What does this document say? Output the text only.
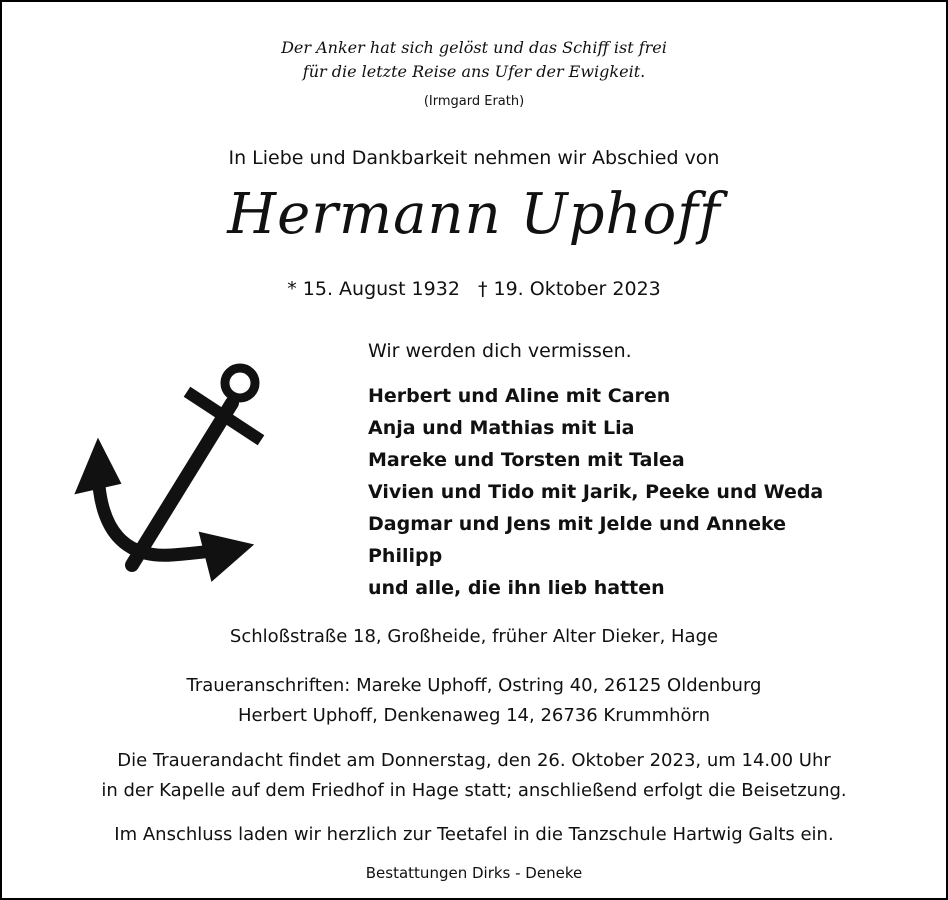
Der Anker hat sich gelöst und das Schiff ist frei
für die letzte Reise ans Ufer der Ewigkeit.
(Irmgard Erath)
In Liebe und Dankbarkeit nehmen wir Abschied von
Hermann Uphoff
* 15. August 1932 † 19. Oktober 2023
Wir werden dich vermissen.
Herbert und Aline mit Caren
Anja und Mathias mit Lia
Mareke und Torsten mit Talea
Vivien und Tido mit Jarik, Peeke und Weda
Dagmar und Jens mit Jelde und Anneke
Philipp
und alle, die ihn lieb hatten
Schloßstraße 18, Großheide, früher Alter Dieker, Hage
Traueranschriften: Mareke Uphoff, Ostring 40, 26125 Oldenburg
Herbert Uphoff, Denkenaweg 14, 26736 Krummhörn
Die Trauerandacht findet am Donnerstag, den 26. Oktober 2023, um 14.00 Uhr
in der Kapelle auf dem Friedhof in Hage statt; anschließend erfolgt die Beisetzung.
Im Anschluss laden wir herzlich zur Teetafel in die Tanzschule Hartwig Galts ein.
Bestattungen Dirks - Deneke
